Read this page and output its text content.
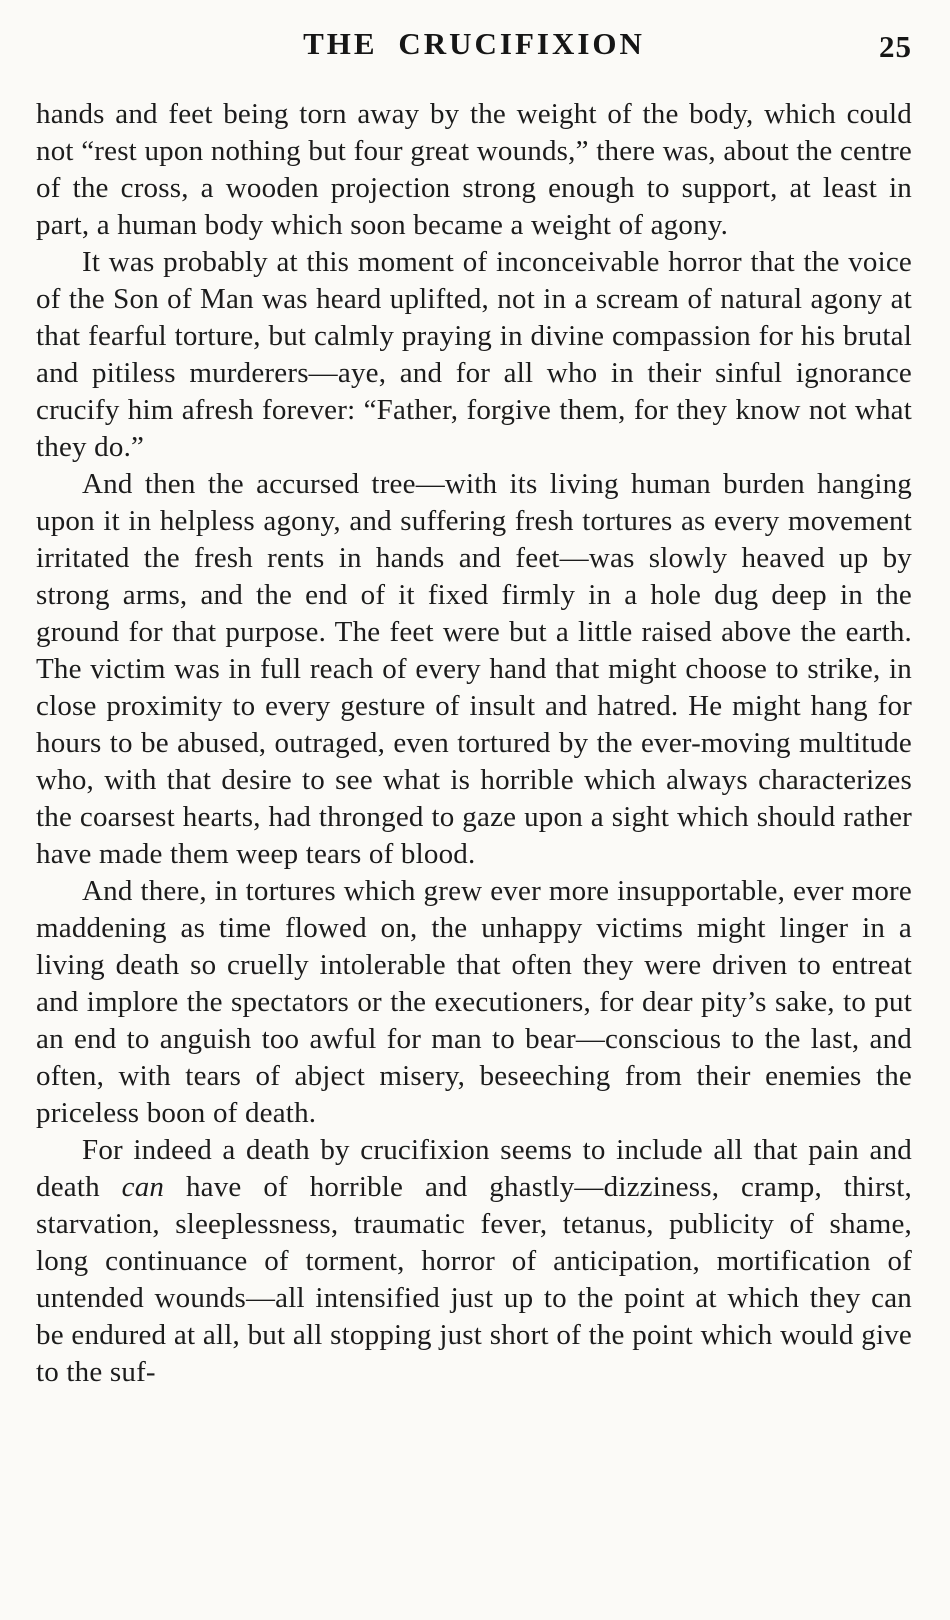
THE CRUCIFIXION	25

hands and feet being torn away by the weight of the body, which could not “rest upon nothing but four great wounds,” there was, about the centre of the cross, a wooden projection strong enough to support, at least in part, a human body which soon became a weight of agony.

It was probably at this moment of inconceivable horror that the voice of the Son of Man was heard uplifted, not in a scream of natural agony at that fearful torture, but calmly praying in divine compassion for his brutal and pitiless murderers—aye, and for all who in their sinful ignorance crucify him afresh forever: “Father, forgive them, for they know not what they do.”

And then the accursed tree—with its living human burden hanging upon it in helpless agony, and suffering fresh tortures as every movement irritated the fresh rents in hands and feet—was slowly heaved up by strong arms, and the end of it fixed firmly in a hole dug deep in the ground for that purpose. The feet were but a little raised above the earth. The victim was in full reach of every hand that might choose to strike, in close proximity to every gesture of insult and hatred. He might hang for hours to be abused, outraged, even tortured by the ever-moving multitude who, with that desire to see what is horrible which always characterizes the coarsest hearts, had thronged to gaze upon a sight which should rather have made them weep tears of blood.

And there, in tortures which grew ever more insupportable, ever more maddening as time flowed on, the unhappy victims might linger in a living death so cruelly intolerable that often they were driven to entreat and implore the spectators or the executioners, for dear pity’s sake, to put an end to anguish too awful for man to bear—conscious to the last, and often, with tears of abject misery, beseeching from their enemies the priceless boon of death.

For indeed a death by crucifixion seems to include all that pain and death can have of horrible and ghastly—dizziness, cramp, thirst, starvation, sleeplessness, traumatic fever, tetanus, publicity of shame, long continuance of torment, horror of anticipation, mortification of untended wounds—all intensified just up to the point at which they can be endured at all, but all stopping just short of the point which would give to the suf-
